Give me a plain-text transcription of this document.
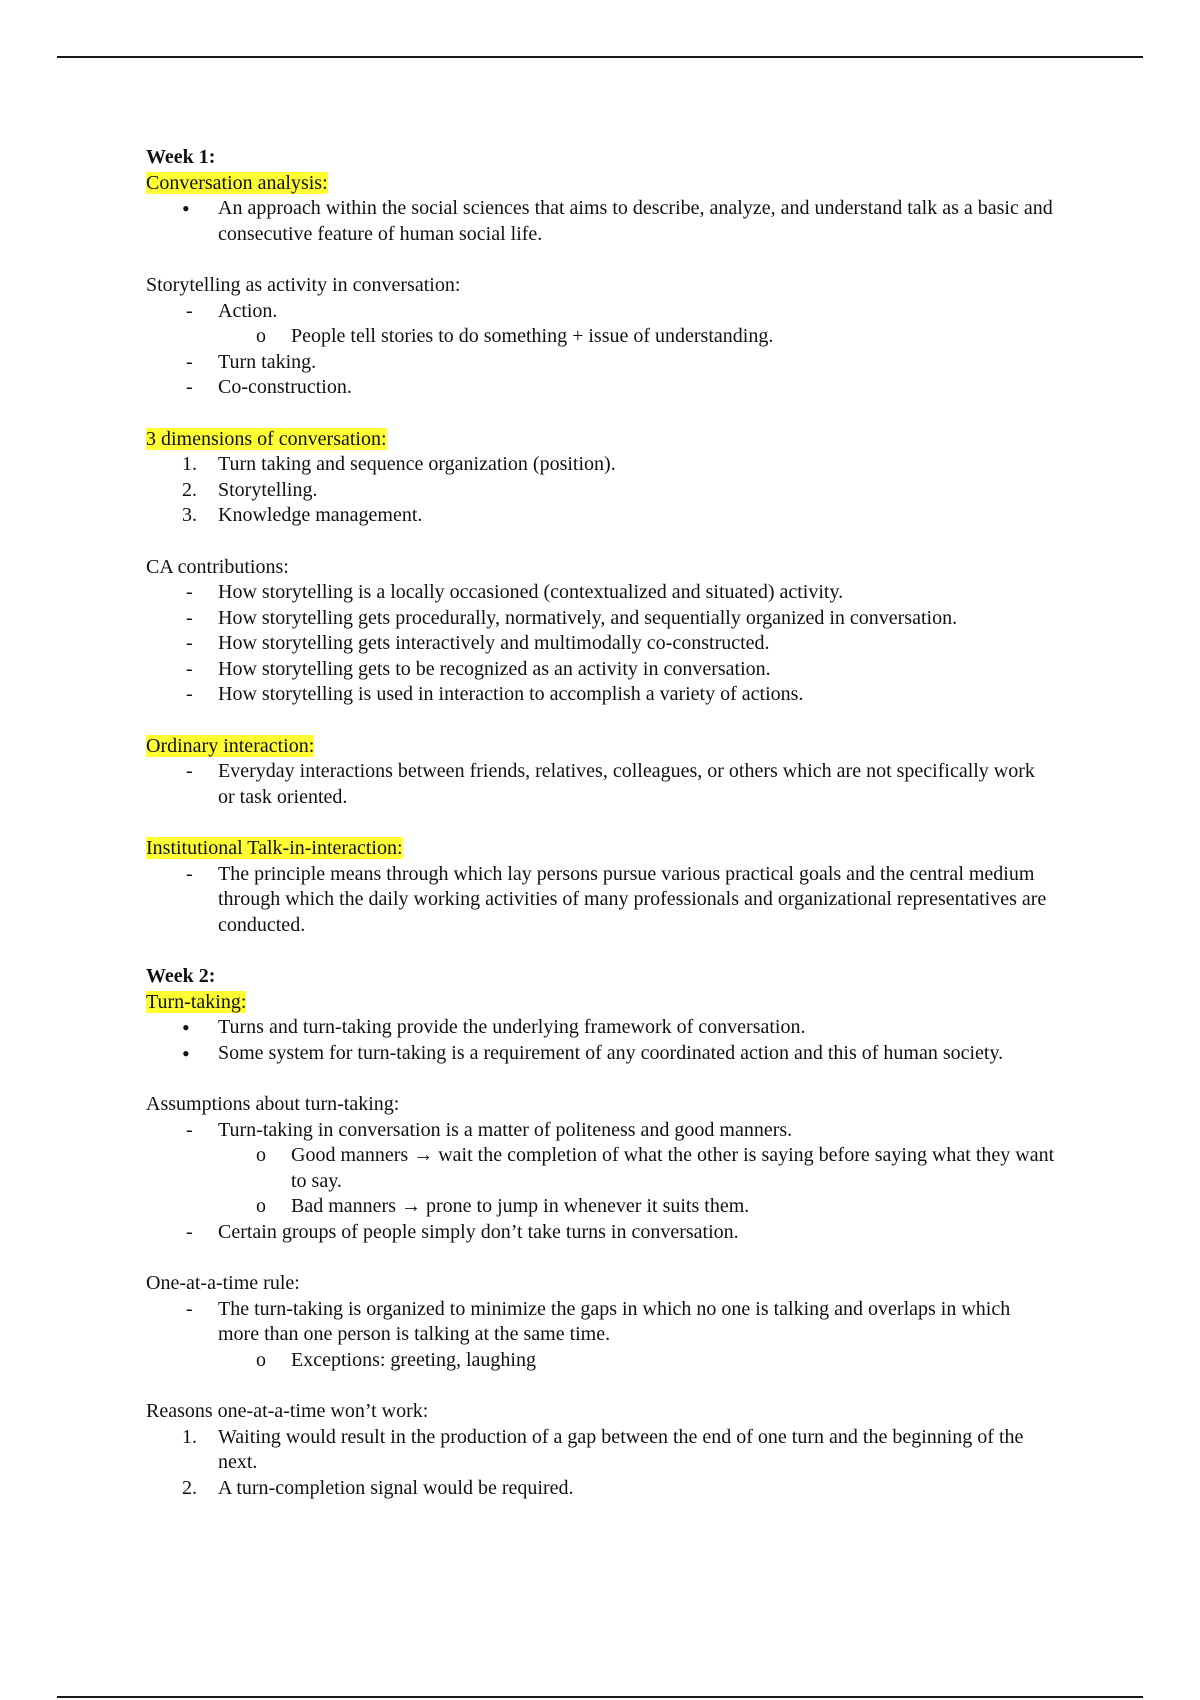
Week 1:
Conversation analysis:
•	An approach within the social sciences that aims to describe, analyze, and understand talk as a basic and consecutive feature of human social life.
Storytelling as activity in conversation:
-	Action.
o	People tell stories to do something + issue of understanding.
-	Turn taking.
-	Co-construction.
3 dimensions of conversation:
1.	Turn taking and sequence organization (position).
2.	Storytelling.
3.	Knowledge management.
CA contributions:
-	How storytelling is a locally occasioned (contextualized and situated) activity.
-	How storytelling gets procedurally, normatively, and sequentially organized in conversation.
-	How storytelling gets interactively and multimodally co-constructed.
-	How storytelling gets to be recognized as an activity in conversation.
-	How storytelling is used in interaction to accomplish a variety of actions.
Ordinary interaction:
-	Everyday interactions between friends, relatives, colleagues, or others which are not specifically work or task oriented.
Institutional Talk-in-interaction:
-	The principle means through which lay persons pursue various practical goals and the central medium through which the daily working activities of many professionals and organizational representatives are conducted.
Week 2:
Turn-taking:
•	Turns and turn-taking provide the underlying framework of conversation.
•	Some system for turn-taking is a requirement of any coordinated action and this of human society.
Assumptions about turn-taking:
-	Turn-taking in conversation is a matter of politeness and good manners.
o	Good manners → wait the completion of what the other is saying before saying what they want to say.
o	Bad manners → prone to jump in whenever it suits them.
-	Certain groups of people simply don’t take turns in conversation.
One-at-a-time rule:
-	The turn-taking is organized to minimize the gaps in which no one is talking and overlaps in which more than one person is talking at the same time.
o	Exceptions: greeting, laughing
Reasons one-at-a-time won’t work:
1.	Waiting would result in the production of a gap between the end of one turn and the beginning of the next.
2.	A turn-completion signal would be required.
